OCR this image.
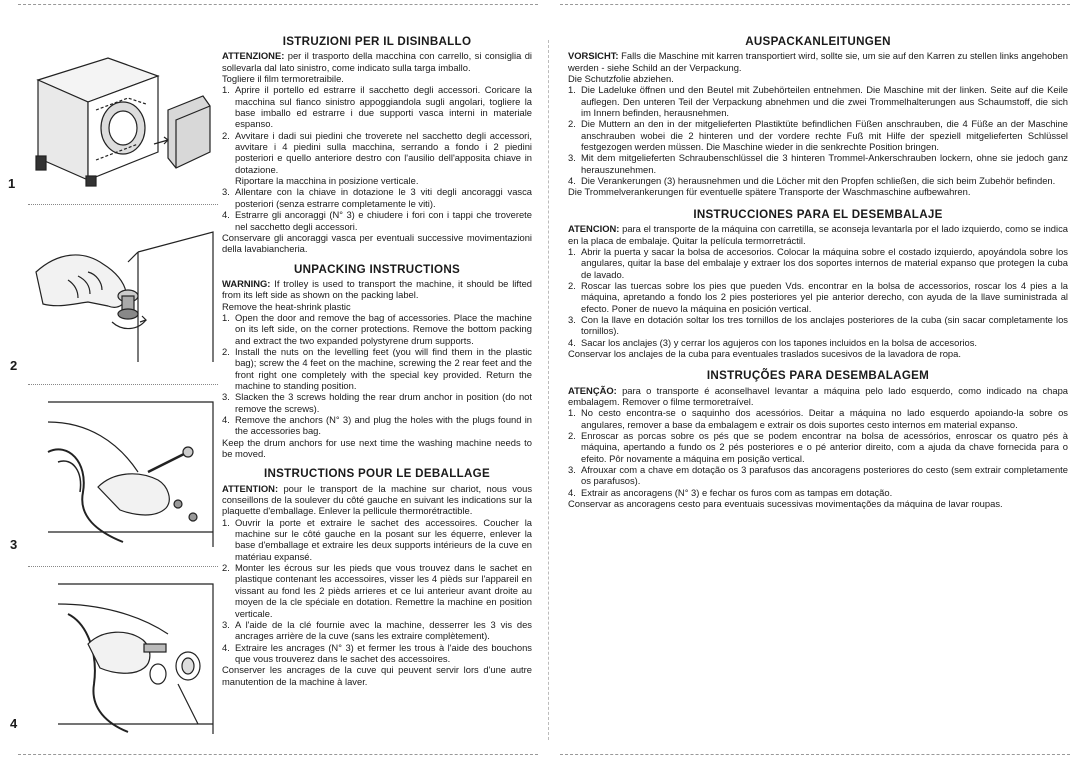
1
2
3
4
ISTRUZIONI PER IL DISINBALLO

ATTENZIONE: per il trasporto della macchina con carrello, si consiglia di sollevarla dal lato sinistro, come indicato sulla targa imballo.

Togliere il film termoretraibile.

1. Aprire il portello ed estrarre il sacchetto degli accessori. Coricare la macchina sul fianco sinistro appoggiandola sugli angolari, togliere la base imballo ed estrarre i due supporti vasca interni in materiale espanso.
2. Avvitare i dadi sui piedini che troverete nel sacchetto degli accessori, avvitare i 4 piedini sulla macchina, serrando a fondo i 2 piedini posteriori e quello anteriore destro con l'ausilio dell'apposita chiave in dotazione.
Riportare la macchina in posizione verticale.
3. Allentare con la chiave in dotazione le 3 viti degli ancoraggi vasca posteriori (senza estrarre completamente le viti).
4. Estrarre gli ancoraggi (N° 3) e chiudere i fori con i tappi che troverete nel sacchetto degli accessori.

Conservare gli ancoraggi vasca per eventuali successive movimentazioni della lavabiancheria.

UNPACKING INSTRUCTIONS

WARNING: If trolley is used to transport the machine, it should be lifted from its left side as shown on the packing label.

Remove the heat-shrink plastic

1. Open the door and remove the bag of accessories. Place the machine on its left side, on the corner protections. Remove the bottom packing and extract the two expanded polystyrene drum supports.
2. Install the nuts on the levelling feet (you will find them in the plastic bag); screw the 4 feet on the machine, screwing the 2 rear feet and the front right one completely with the special key provided. Return the machine to standing position.
3. Slacken the 3 screws holding the rear drum anchor in position (do not remove the screws).
4. Remove the anchors (N° 3) and plug the holes with the plugs found in the accessories bag.

Keep the drum anchors for use next time the washing machine needs to be moved.

INSTRUCTIONS POUR LE DEBALLAGE

ATTENTION: pour le transport de la machine sur chariot, nous vous conseillons de la soulever du côté gauche en suivant les indications sur la plaquette d'emballage. Enlever la pellicule thermorétractible.

1. Ouvrir la porte et extraire le sachet des accessoires. Coucher la machine sur le côté gauche en la posant sur les équerre, enlever la base d'emballage et extraire les deux supports intérieurs de la cuve en matériau expansé.
2. Monter les écrous sur les pieds que vous trouvez dans le sachet en plastique contenant les accessoires, visser les 4 pièds sur l'appareil en vissant au fond les 2 pièds arrieres et ce lui anterieur avant droite au moyen de la cle spéciale en dotation. Remettre la machine en position verticale.
3. A l'aide de la clé fournie avec la machine, desserrer les 3 vis des ancrages arrière de la cuve (sans les extraire complètement).
4. Extraire les ancrages (N° 3) et fermer les trous à l'aide des bouchons que vous trouverez dans le sachet des accessoires.

Conserver les ancrages de la cuve qui peuvent servir lors d'une autre manutention de la machine à laver.

AUSPACKANLEITUNGEN

VORSICHT: Falls die Maschine mit karren transportiert wird, sollte sie, um sie auf den Karren zu stellen links angehoben werden - siehe Schild an der Verpackung.

Die Schutzfolie abziehen.

1. Die Ladeluke öffnen und den Beutel mit Zubehörteilen entnehmen. Die Maschine mit der linken. Seite auf die Keile auflegen. Den unteren Teil der Verpackung abnehmen und die zwei Trommelhalterungen aus Schaumstoff, die sich im Innern befinden, herausnehmen.
2. Die Muttern an den in der mitgelieferten Plastiktüte befindlichen Füßen anschrauben, die 4 Füße an der Maschine anschrauben wobei die 2 hinteren und der vordere rechte Fuß mit Hilfe der speziell mitgelieferten Schlüssel festgezogen werden müssen. Die Maschine wieder in die senkrechte Position bringen.
3. Mit dem mitgelieferten Schraubenschlüssel die 3 hinteren Trommel-Ankerschrauben lockern, ohne sie jedoch ganz herauszunehmen.
4. Die Verankerungen (3) herausnehmen und die Löcher mit den Propfen schließen, die sich beim Zubehör befinden.

Die Trommelverankerungen für eventuelle spätere Transporte der Waschmaschine aufbewahren.

INSTRUCCIONES PARA EL DESEMBALAJE

ATENCION: para el transporte de la máquina con carretilla, se aconseja levantarla por el lado izquierdo, como se indica en la placa de embalaje. Quitar la película termorretráctil.

1. Abrir la puerta y sacar la bolsa de accesorios. Colocar la máquina sobre el costado izquierdo, apoyándola sobre los angulares, quitar la base del embalaje y extraer los dos soportes internos de material expanso que protegen la cuba de lavado.
2. Roscar las tuercas sobre los pies que pueden Vds. encontrar en la bolsa de accessorios, roscar los 4 pies a la máquina, apretando a fondo los 2 pies posteriores yel pie anterior derecho, con ayuda de la llave suministrada al efecto. Poner de nuevo la máquina en posición vertical.
3. Con la llave en dotación soltar los tres tornillos de los anclajes posteriores de la cuba (sin sacar completamente los tornillos).
4. Sacar los anclajes (3) y cerrar los agujeros con los tapones incluidos en la bolsa de accesorios.

Conservar los anclajes de la cuba para eventuales traslados sucesivos de la lavadora de ropa.

INSTRUÇÕES PARA DESEMBALAGEM

ATENÇÃO: para o transporte é aconselhavel levantar a máquina pelo lado esquerdo, como indicado na chapa embalagem. Remover o filme termoretraível.

1. No cesto encontra-se o saquinho dos acessórios. Deitar a máquina no lado esquerdo apoiando-la sobre os angulares, remover a base da embalagem e extrair os dois suportes cesto internos em material expanso.
2. Enroscar as porcas sobre os pés que se podem encontrar na bolsa de acessórios, enroscar os quatro pés à máquina, apertando a fundo os 2 pés posteriores e o pé anterior direito, com a ajuda da chave fornecida para o efeito. Pôr novamente a máquina em posição vertical.
3. Afrouxar com a chave em dotação os 3 parafusos das ancoragens posteriores do cesto (sem extrair completamente os parafusos).
4. Extrair as ancoragens (N° 3) e fechar os furos com as tampas em dotação.

Conservar as ancoragens cesto para eventuais sucessivas movimentações da máquina de lavar roupas.
